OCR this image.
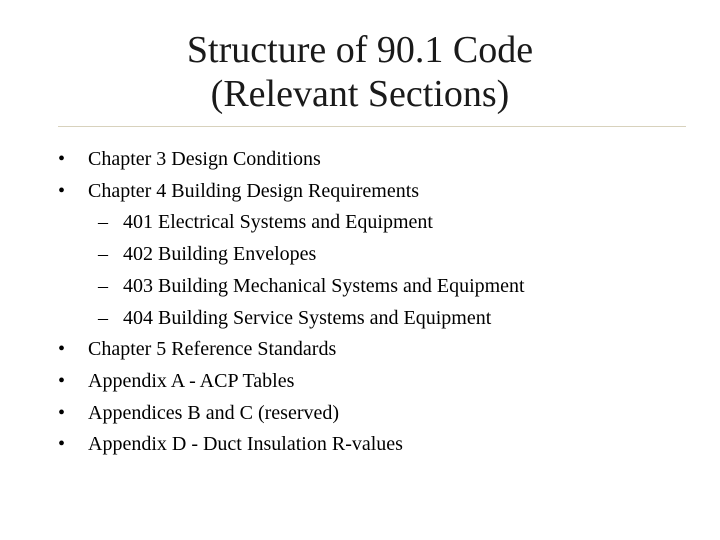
Structure of 90.1 Code
(Relevant Sections)
•	Chapter 3 Design Conditions
•	Chapter 4 Building Design Requirements
– 401 Electrical Systems and Equipment
– 402 Building Envelopes
– 403 Building Mechanical Systems and Equipment
– 404 Building Service Systems and Equipment
•	Chapter 5 Reference Standards
•	Appendix A - ACP Tables
•	Appendices B and C (reserved)
•	Appendix D - Duct Insulation R-values
